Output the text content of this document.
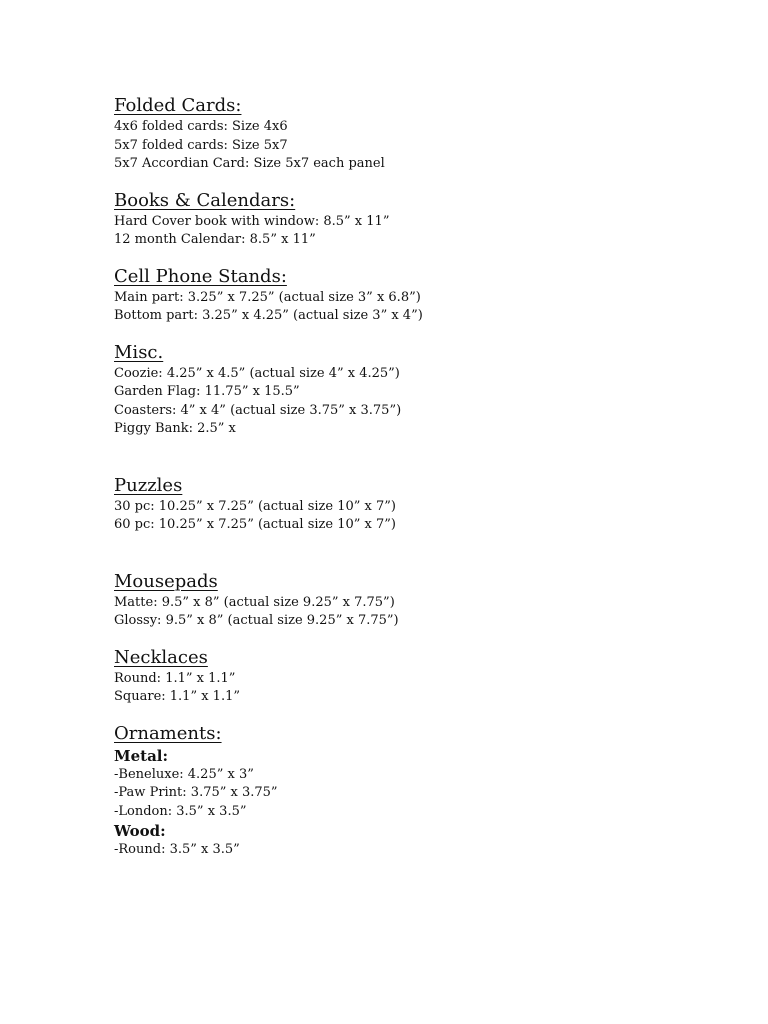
Folded Cards:

4x6 folded cards: Size 4x6

5x7 folded cards: Size 5x7

5x7 Accordian Card: Size 5x7 each panel

Books & Calendars:

Hard Cover book with window: 8.5” x 11”

12 month Calendar: 8.5” x 11”

Cell Phone Stands:

Main part: 3.25” x 7.25” (actual size 3” x 6.8”)

Bottom part: 3.25” x 4.25” (actual size 3” x 4”)

Misc.

Coozie: 4.25” x 4.5” (actual size 4” x 4.25”)

Garden Flag: 11.75” x 15.5”

Coasters: 4” x 4” (actual size 3.75” x 3.75”)

Piggy Bank: 2.5” x

Puzzles

30 pc: 10.25” x 7.25” (actual size 10” x 7”)

60 pc: 10.25” x 7.25” (actual size 10” x 7”)

Mousepads

Matte: 9.5” x 8” (actual size 9.25” x 7.75”)

Glossy: 9.5” x 8” (actual size 9.25” x 7.75”)

Necklaces

Round: 1.1” x 1.1”

Square: 1.1” x 1.1”

Ornaments:

Metal:

-Beneluxe: 4.25” x 3”

-Paw Print: 3.75” x 3.75”

-London: 3.5” x 3.5”

Wood:

-Round: 3.5” x 3.5”
